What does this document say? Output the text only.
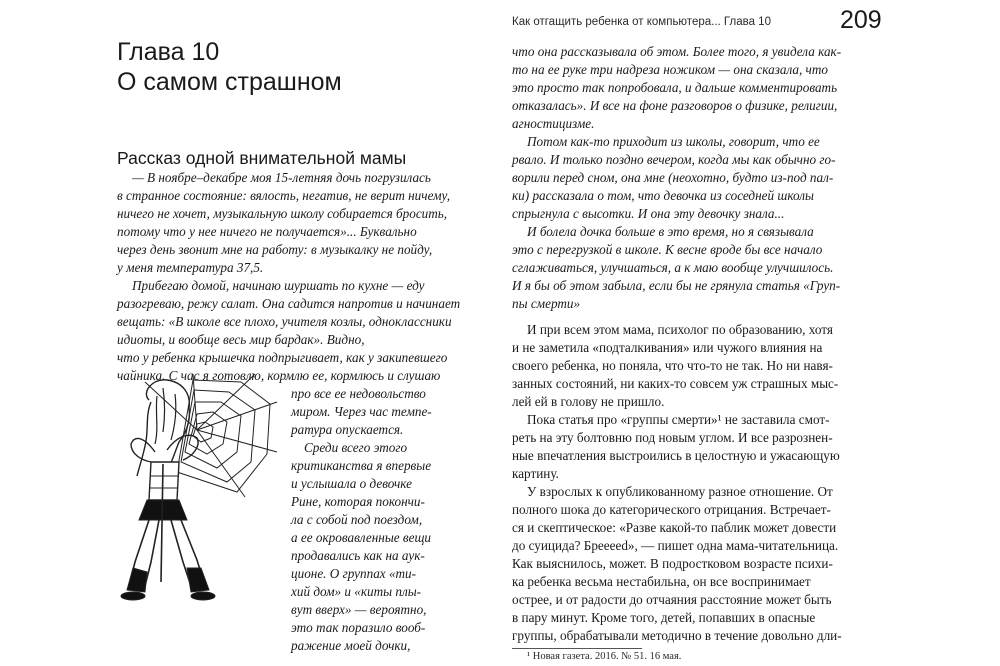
Глава 10
О самом страшном
Рассказ одной внимательной мамы
— В ноябре–декабре моя 15-летняя дочь погрузилась
в странное состояние: вялость, негатив, не верит ничему,
ничего не хочет, музыкальную школу собирается бросить,
потому что у нее ничего не получается»... Буквально
через день звонит мне на работу: в музыкалку не пойду,
у меня температура 37,5.
Прибегаю домой, начинаю шуршать по кухне — еду
разогреваю, режу салат. Она садится напротив и начинает
вещать: «В школе все плохо, учителя козлы, одноклассники
идиоты, и вообще весь мир бардак». Видно,
что у ребенка крышечка подпрыгивает, как у закипевшего
чайника. С час я готовлю, кормлю ее, кормлюсь и слушаю
про все ее недовольство
миром. Через час темпе-
ратура опускается.
Среди всего этого
критиканства я впервые
и услышала о девочке
Рине, которая покончи-
ла с собой под поездом,
а ее окровавленные вещи
продавались как на аук-
ционе. О группах «ти-
хий дом» и «киты плы-
вут вверх» — вероятно,
это так поразило вооб-
ражение моей дочки,
Как отгащить ребенка от компьютера... Глава 10	209
что она рассказывала об этом. Более того, я увидела как-
то на ее руке три надреза ножиком — она сказала, что
это просто так попробовала, и дальше комментировать
отказалась». И все на фоне разговоров о физике, религии,
агностицизме.
Потом как-то приходит из школы, говорит, что ее
рвало. И только поздно вечером, когда мы как обычно го-
ворили перед сном, она мне (неохотно, будто из-под пал-
ки) рассказала о том, что девочка из соседней школы
спрыгнула с высотки. И она эту девочку знала...
И болела дочка больше в это время, но я связывала
это с перегрузкой в школе. К весне вроде бы все начало
сглаживаться, улучшаться, а к маю вообще улучшилось.
И я бы об этом забыла, если бы не грянула статья «Груп-
пы смерти»
И при всем этом мама, психолог по образованию, хотя
и не заметила «подталкивания» или чужого влияния на
своего ребенка, но поняла, что что-то не так. Но ни навя-
занных состояний, ни каких-то совсем уж страшных мыс-
лей ей в голову не пришло.
Пока статья про «группы смерти»¹ не заставила смот-
реть на эту болтовню под новым углом. И все разрознен-
ные впечатления выстроились в целостную и ужасающую
картину.
У взрослых к опубликованному разное отношение. От
полного шока до категорического отрицания. Встречает-
ся и скептическое: «Разве какой-то паблик может довести
до суицида? Брееееd», — пишет одна мама-читательница.
Как выяснилось, может. В подростковом возрасте психи-
ка ребенка весьма нестабильна, он все воспринимает
острее, и от радости до отчаяния расстояние может быть
в пару минут. Кроме того, детей, попавших в опасные
группы, обрабатывали методично в течение довольно дли-
¹ Новая газета. 2016. № 51. 16 мая.
